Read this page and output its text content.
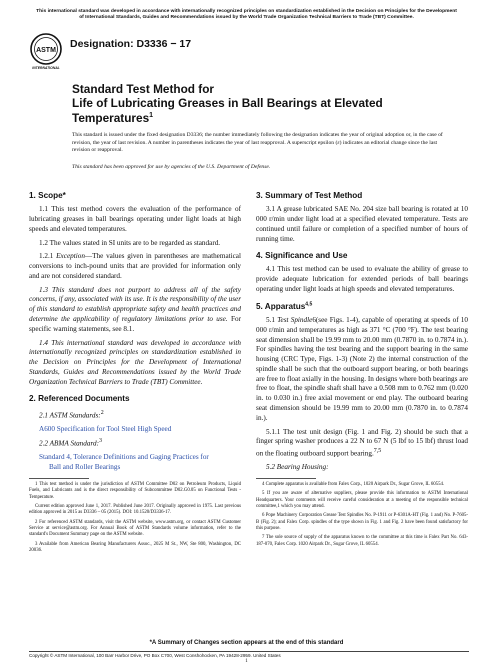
This international standard was developed in accordance with internationally recognized principles on standardization established in the Decision on Principles for the Development of International Standards, Guides and Recommendations issued by the World Trade Organization Technical Barriers to Trade (TBT) Committee.
ASTM
INTERNATIONAL
Designation: D3336 − 17
Standard Test Method for
Life of Lubricating Greases in Ball Bearings at Elevated
Temperatures$^1$
This standard is issued under the fixed designation D3336; the number immediately following the designation indicates the year of original adoption or, in the case of revision, the year of last revision. A number in parentheses indicates the year of last reapproval. A superscript epsilon (ε) indicates an editorial change since the last revision or reapproval.
This standard has been approved for use by agencies of the U.S. Department of Defense.
1. Scope*

1.1 This test method covers the evaluation of the performance of lubricating greases in ball bearings operating under light loads at high speeds and elevated temperatures.

1.2 The values stated in SI units are to be regarded as standard.

1.2.1 Exception—The values given in parentheses are mathematical conversions to inch-pound units that are provided for information only and are not considered standard.

1.3 This standard does not purport to address all of the safety concerns, if any, associated with its use. It is the responsibility of the user of this standard to establish appropriate safety and health practices and determine the applicability of regulatory limitations prior to use. For specific warning statements, see 8.1.

1.4 This international standard was developed in accordance with internationally recognized principles on standardization established in the Decision on Principles for the Development of International Standards, Guides and Recommendations issued by the World Trade Organization Technical Barriers to Trade (TBT) Committee.

2. Referenced Documents

2.1 ASTM Standards:$^2$

A600 Specification for Tool Steel High Speed

2.2 ABMA Standard:$^3$

Standard 4, Tolerance Definitions and Gaging Practices for
Ball and Roller Bearings
3. Summary of Test Method

3.1 A grease lubricated SAE No. 204 size ball bearing is rotated at 10 000 r/min under light load at a specified elevated temperature. Tests are continued until failure or completion of a specified number of hours of running time.

4. Significance and Use

4.1 This test method can be used to evaluate the ability of grease to provide adequate lubrication for extended periods of ball bearings operating under light loads at high speeds and elevated temperatures.

5. Apparatus$^{4,5}$

5.1 Test Spindle6(see Figs. 1-4), capable of operating at speeds of 10 000 r/min and temperatures as high as 371 °C (700 °F). The test bearing seat dimension shall be 19.99 mm to 20.00 mm (0.7870 in. to 0.7874 in.). For spindles having the test bearing and the support bearing in the same housing (CRC Type, Figs. 1-3) (Note 2) the internal construction of the spindle shall be such that the outboard support bearing, or both bearings are free to float axially in the housing. In designs where both bearings are free to float, the spindle shaft shall have a 0.508 mm to 0.762 mm (0.020 in. to 0.030 in.) free axial movement or end play. The outboard bearing seat dimension should be 19.99 mm to 20.00 mm (0.7870 in. to 0.7874 in.).

5.1.1 The test unit design (Fig. 1 and Fig. 2) should be such that a finger spring washer produces a 22 N to 67 N (5 lbf to 15 lbf) thrust load on the floating outboard support bearing.$^{7,5}$

5.2 Bearing Housing:

1 This test method is under the jurisdiction of ASTM Committee D02 on Petroleum Products, Liquid Fuels, and Lubricants and is the direct responsibility of Subcommittee D02.G0.05 on Functional Tests - Temperature.

Current edition approved June 1, 2017. Published June 2017. Originally approved in 1975. Last previous edition approved in 2015 as D3336 – 05 (2015). DOI: 10.1520/D3336-17.

2 For referenced ASTM standards, visit the ASTM website, www.astm.org, or contact ASTM Customer Service at service@astm.org. For Annual Book of ASTM Standards volume information, refer to the standard's Document Summary page on the ASTM website.

3 Available from American Bearing Manufacturers Assoc., 2025 M St., NW, Ste 800, Washington, DC 20036.

4 Complete apparatus is available from Falex Corp., 1020 Airpark Dr., Sugar Grove, IL 60554.

5 If you are aware of alternative suppliers, please provide this information to ASTM International Headquarters. Your comments will receive careful consideration at a meeting of the responsible technical committee,1 which you may attend.

6 Pope Machinery Corporation Grease Test Spindles No. P-1911 or P-6301A-HT (Fig. 1 and) No. P-7605-B (Fig. 2); and Falex Corp. spindles of the type shown in Fig. 1 and Fig. 2 have been found satisfactory for this purpose.

7 The sole source of supply of the apparatus known to the committee at this time is Falex Part No. 643-187-070, Falex Corp. 1020 Airpark Dr., Sugar Grove, IL 60554.

*A Summary of Changes section appears at the end of this standard
Copyright © ASTM International, 100 Barr Harbor Drive, PO Box C700, West Conshohocken, PA 19428-2959. United States
1
